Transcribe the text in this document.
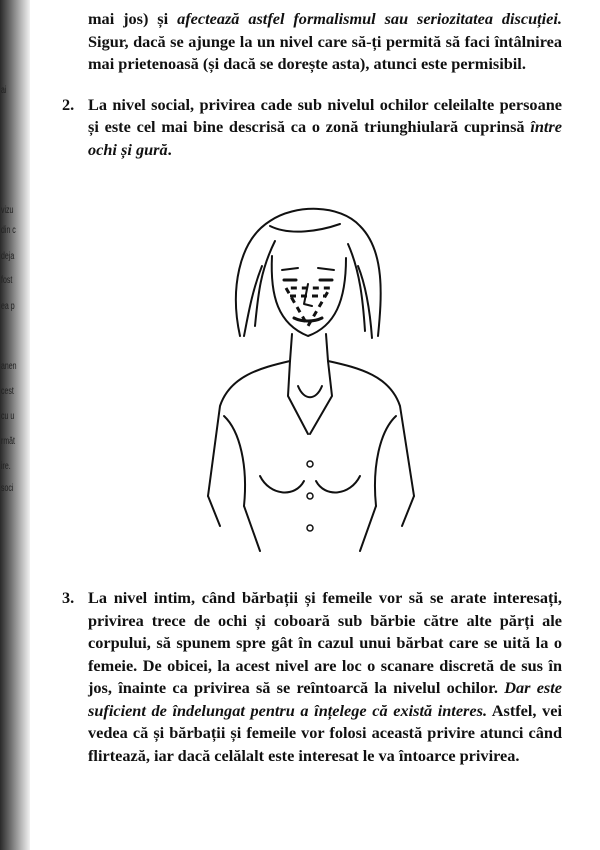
ai
vizu
din c
deja
fost
ea p
anen
cest
cu u
rmăt
ire.
soci

mai jos) și afectează astfel formalismul sau seriozitatea discuției. Sigur, dacă se ajunge la un nivel care să-ți permită să faci întâlnirea mai prietenoasă (și dacă se dorește asta), atunci este permisibil.

2. La nivel social, privirea cade sub nivelul ochilor celeilalte persoane și este cel mai bine descrisă ca o zonă triunghiulară cuprinsă între ochi și gură.

3. La nivel intim, când bărbații și femeile vor să se arate interesați, privirea trece de ochi și coboară sub bărbie către alte părți ale corpului, să spunem spre gât în cazul unui bărbat care se uită la o femeie. De obicei, la acest nivel are loc o scanare discretă de sus în jos, înainte ca privirea să se reîntoarcă la nivelul ochilor. Dar este suficient de îndelungat pentru a înțelege că există interes. Astfel, vei vedea că și bărbații și femeile vor folosi această privire atunci când flirtează, iar dacă celălalt este interesat le va întoarce privirea.
